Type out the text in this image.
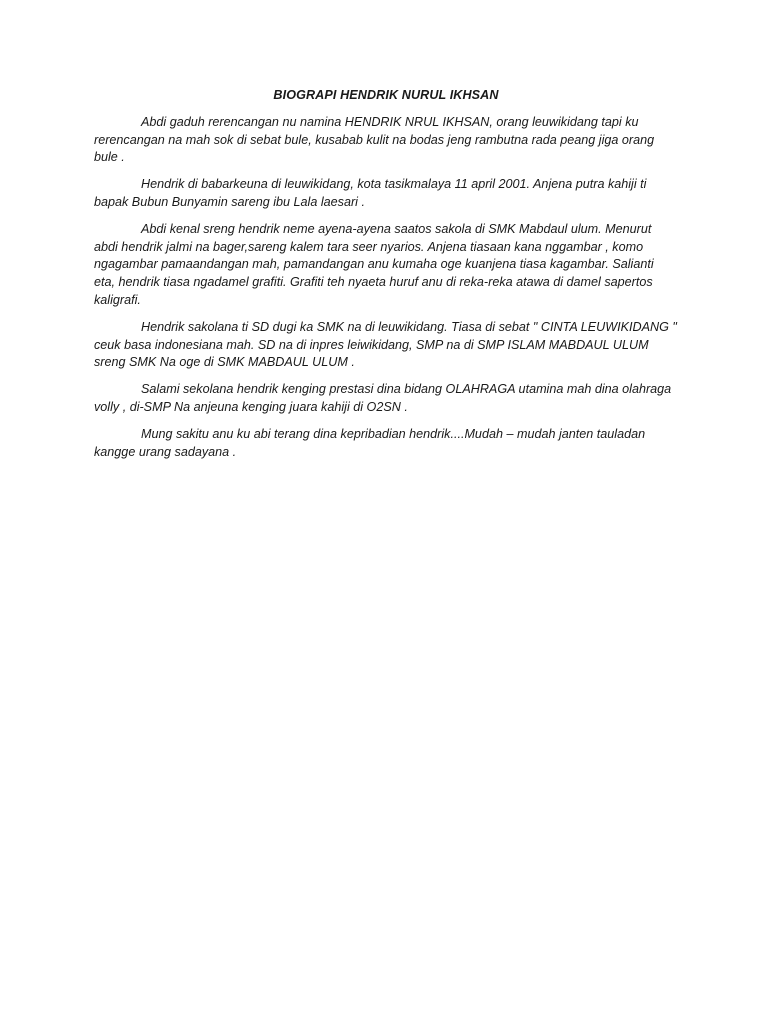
BIOGRAPI HENDRIK NURUL IKHSAN

Abdi gaduh rerencangan nu namina HENDRIK NRUL IKHSAN, orang leuwikidang tapi ku rerencangan na mah sok di sebat bule, kusabab kulit na bodas jeng rambutna rada peang jiga orang bule .

Hendrik di babarkeuna di leuwikidang, kota tasikmalaya 11 april 2001. Anjena putra kahiji ti bapak Bubun Bunyamin sareng ibu Lala laesari .

Abdi kenal sreng hendrik neme ayena-ayena saatos sakola di SMK Mabdaul ulum. Menurut abdi hendrik jalmi na bager,sareng kalem tara seer nyarios. Anjena tiasaan kana nggambar , komo ngagambar pamaandangan mah, pamandangan anu kumaha oge kuanjena tiasa kagambar. Salianti eta, hendrik tiasa ngadamel grafiti. Grafiti teh nyaeta huruf anu di reka-reka atawa di damel sapertos kaligrafi.

Hendrik sakolana ti SD dugi ka SMK na di leuwikidang. Tiasa di sebat " CINTA LEUWIKIDANG " ceuk basa indonesiana mah. SD na di inpres leiwikidang, SMP na di SMP ISLAM MABDAUL ULUM sreng SMK Na oge di SMK MABDAUL ULUM .

Salami sekolana hendrik kenging prestasi dina bidang OLAHRAGA utamina mah dina olahraga volly , di-SMP Na anjeuna kenging juara kahiji di O2SN .

Mung sakitu anu ku abi terang dina kepribadian hendrik....Mudah – mudah janten tauladan kangge urang sadayana .
